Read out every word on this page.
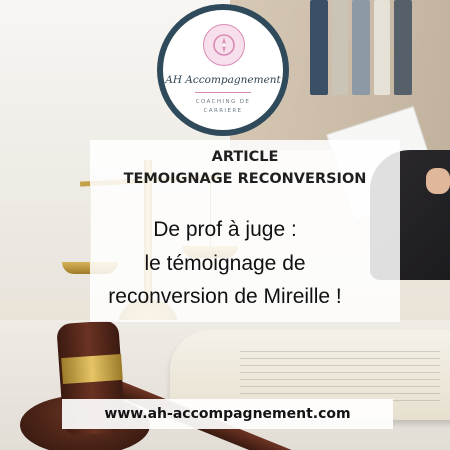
AH Accompagnement
COACHING DE
CARRIERE
ARTICLE
TEMOIGNAGE RECONVERSION
De prof à juge :
le témoignage de
reconversion de Mireille !
www.ah-accompagnement.com
